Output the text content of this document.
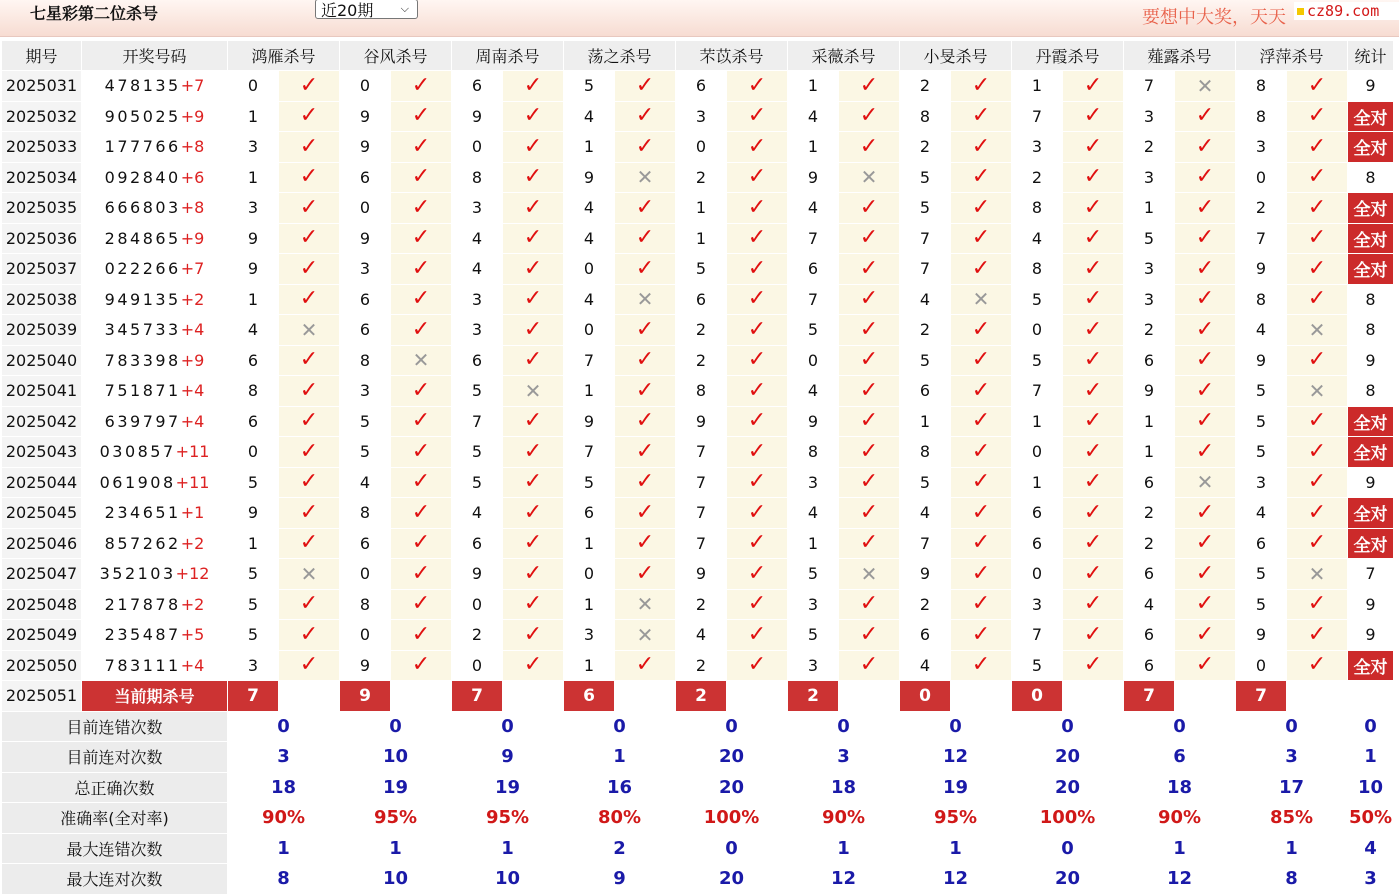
七星彩第二位杀号	近20期 ⌵	要想中大奖，天天	cz89.com
期号	开奖号码	鸿雁杀号		谷风杀号		周南杀号		荡之杀号		芣苡杀号		采薇杀号		小旻杀号		丹霞杀号		薤露杀号		浮萍杀号		统计
2025031	478135+7	0	✓	0	✓	6	✓	5	✓	6	✓	1	✓	2	✓	1	✓	7	✕	8	✓	9
2025032	905025+9	1	✓	9	✓	9	✓	4	✓	3	✓	4	✓	8	✓	7	✓	3	✓	8	✓	全对
2025033	177766+8	3	✓	9	✓	0	✓	1	✓	0	✓	1	✓	2	✓	3	✓	2	✓	3	✓	全对
2025034	092840+6	1	✓	6	✓	8	✓	9	✕	2	✓	9	✕	5	✓	2	✓	3	✓	0	✓	8
2025035	666803+8	3	✓	0	✓	3	✓	4	✓	1	✓	4	✓	5	✓	8	✓	1	✓	2	✓	全对
2025036	284865+9	9	✓	9	✓	4	✓	4	✓	1	✓	7	✓	7	✓	4	✓	5	✓	7	✓	全对
2025037	022266+7	9	✓	3	✓	4	✓	0	✓	5	✓	6	✓	7	✓	8	✓	3	✓	9	✓	全对
2025038	949135+2	1	✓	6	✓	3	✓	4	✕	6	✓	7	✓	4	✕	5	✓	3	✓	8	✓	8
2025039	345733+4	4	✕	6	✓	3	✓	0	✓	2	✓	5	✓	2	✓	0	✓	2	✓	4	✕	8
2025040	783398+9	6	✓	8	✕	6	✓	7	✓	2	✓	0	✓	5	✓	5	✓	6	✓	9	✓	9
2025041	751871+4	8	✓	3	✓	5	✕	1	✓	8	✓	4	✓	6	✓	7	✓	9	✓	5	✕	8
2025042	639797+4	6	✓	5	✓	7	✓	9	✓	9	✓	9	✓	1	✓	1	✓	1	✓	5	✓	全对
2025043	030857+11	0	✓	5	✓	5	✓	7	✓	7	✓	8	✓	8	✓	0	✓	1	✓	5	✓	全对
2025044	061908+11	5	✓	4	✓	5	✓	5	✓	7	✓	3	✓	5	✓	1	✓	6	✕	3	✓	9
2025045	234651+1	9	✓	8	✓	4	✓	6	✓	7	✓	4	✓	4	✓	6	✓	2	✓	4	✓	全对
2025046	857262+2	1	✓	6	✓	6	✓	1	✓	7	✓	1	✓	7	✓	6	✓	2	✓	6	✓	全对
2025047	352103+12	5	✕	0	✓	9	✓	0	✓	9	✓	5	✕	9	✓	0	✓	6	✓	5	✕	7
2025048	217878+2	5	✓	8	✓	0	✓	1	✕	2	✓	3	✓	2	✓	3	✓	4	✓	5	✓	9
2025049	235487+5	5	✓	0	✓	2	✓	3	✕	4	✓	5	✓	6	✓	7	✓	6	✓	9	✓	9
2025050	783111+4	3	✓	9	✓	0	✓	1	✓	2	✓	3	✓	4	✓	5	✓	6	✓	0	✓	全对
2025051	当前期杀号	7		9		7		6		2		2		0		0		7		7		
目前连错次数		0		0		0		0		0		0		0		0		0		0		0
目前连对次数		3		10		9		1		20		3		12		20		6		3		1
总正确次数		18		19		19		16		20		18		19		20		18		17		10
准确率(全对率)		90%		95%		95%		80%		100%		90%		95%		100%		90%		85%		50%
最大连错次数		1		1		1		2		0		1		1		0		1		1		4
最大连对次数		8		10		10		9		20		12		12		20		12		8		3
